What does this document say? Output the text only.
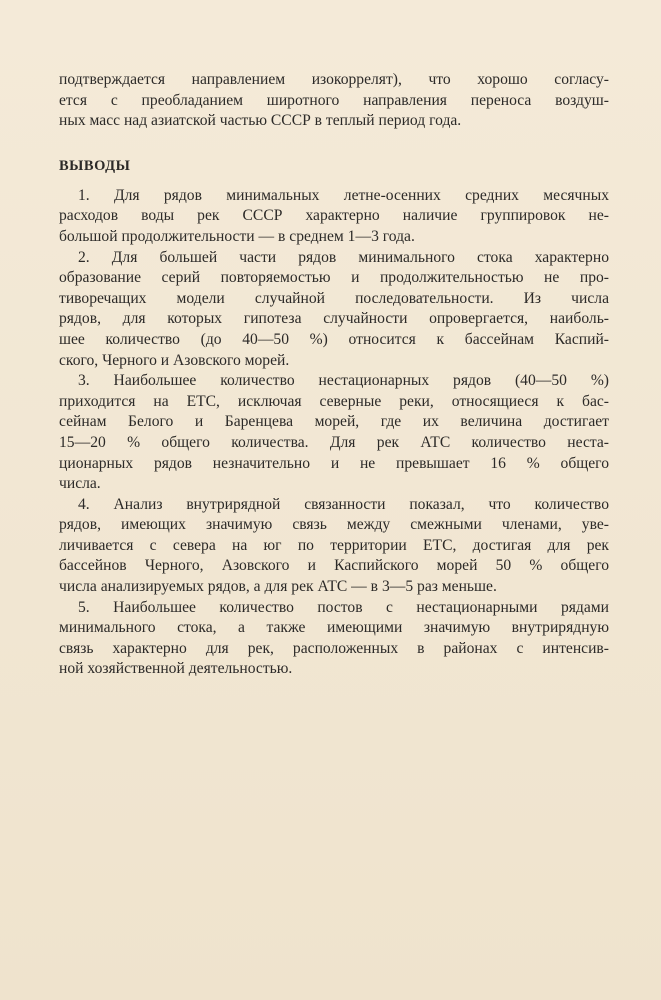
подтверждается направлением изокоррелят), что хорошо согласу-
ется с преобладанием широтного направления переноса воздуш-
ных масс над азиатской частью СССР в теплый период года.
ВЫВОДЫ
1. Для рядов минимальных летне-осенних средних месячных
расходов воды рек СССР характерно наличие группировок не-
большой продолжительности — в среднем 1—3 года.
2. Для большей части рядов минимального стока характерно
образование серий повторяемостью и продолжительностью не про-
тиворечащих модели случайной последовательности. Из числа
рядов, для которых гипотеза случайности опровергается, наиболь-
шее количество (до 40—50 %) относится к бассейнам Каспий-
ского, Черного и Азовского морей.
3. Наибольшее количество нестационарных рядов (40—50 %)
приходится на ЕТС, исключая северные реки, относящиеся к бас-
сейнам Белого и Баренцева морей, где их величина достигает
15—20 % общего количества. Для рек АТС количество неста-
ционарных рядов незначительно и не превышает 16 % общего
числа.
4. Анализ внутрирядной связанности показал, что количество
рядов, имеющих значимую связь между смежными членами, уве-
личивается с севера на юг по территории ЕТС, достигая для рек
бассейнов Черного, Азовского и Каспийского морей 50 % общего
числа анализируемых рядов, а для рек АТС — в 3—5 раз меньше.
5. Наибольшее количество постов с нестационарными рядами
минимального стока, а также имеющими значимую внутрирядную
связь характерно для рек, расположенных в районах с интенсив-
ной хозяйственной деятельностью.
